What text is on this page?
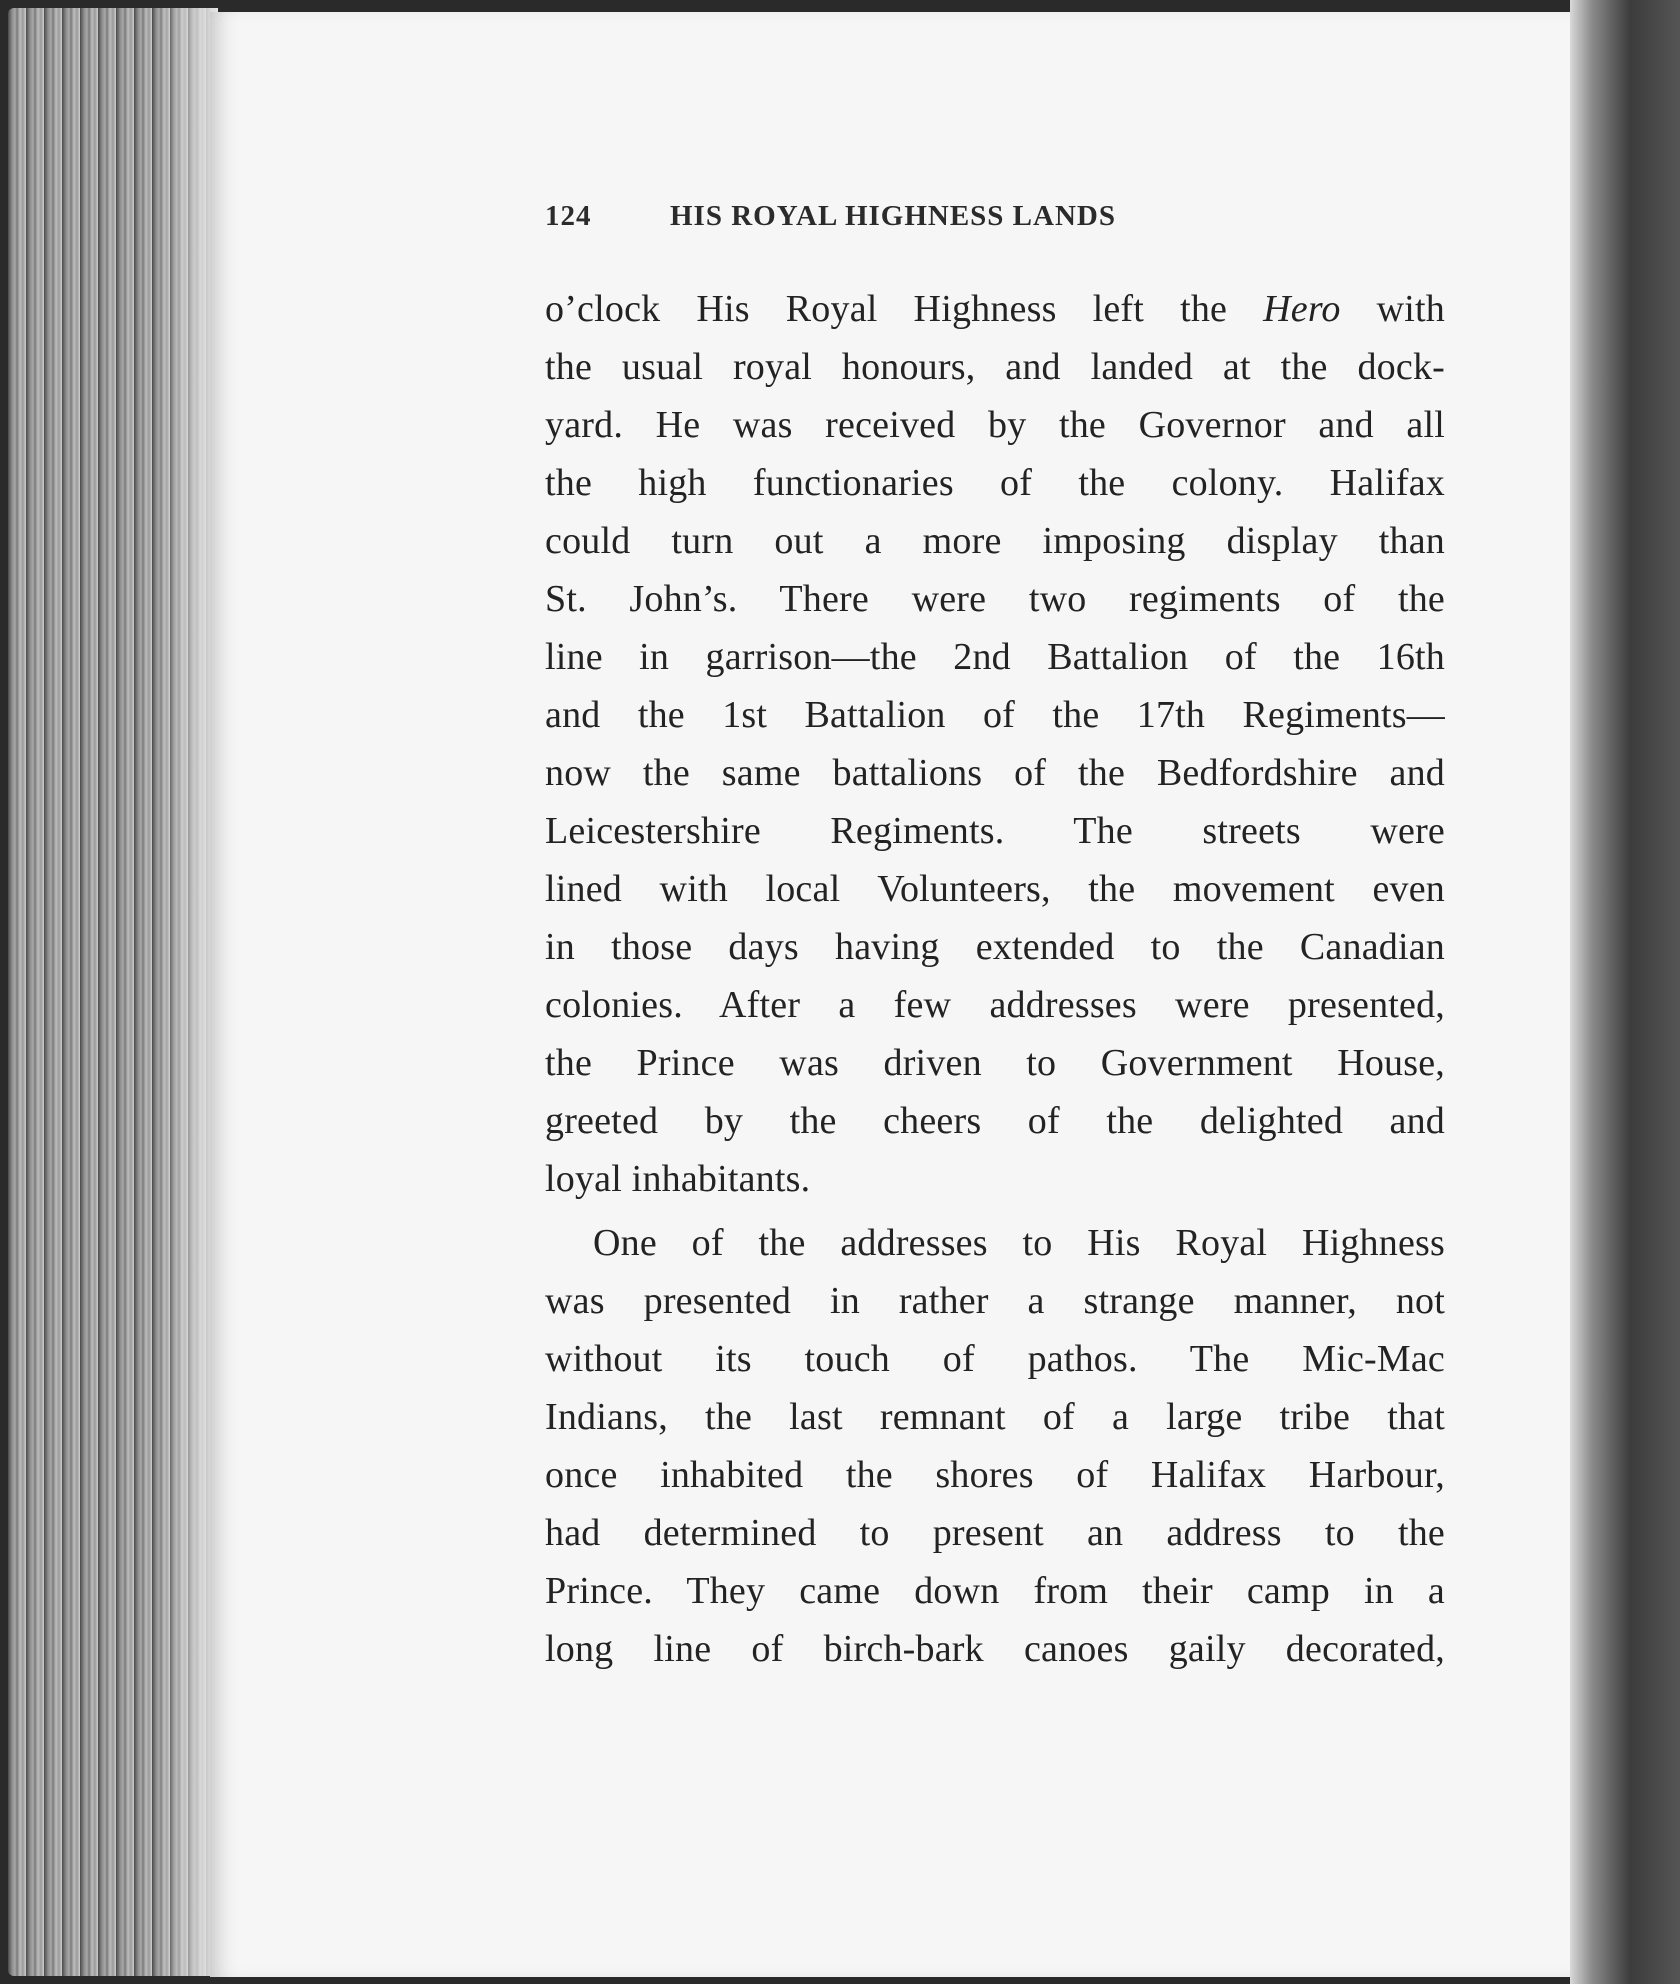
124	HIS ROYAL HIGHNESS LANDS

o’clock His Royal Highness left the Hero with
the usual royal honours, and landed at the dock-
yard. He was received by the Governor and all
the high functionaries of the colony. Halifax
could turn out a more imposing display than
St. John’s. There were two regiments of the
line in garrison—the 2nd Battalion of the 16th
and the 1st Battalion of the 17th Regiments—
now the same battalions of the Bedfordshire and
Leicestershire Regiments. The streets were
lined with local Volunteers, the movement even
in those days having extended to the Canadian
colonies. After a few addresses were presented,
the Prince was driven to Government House,
greeted by the cheers of the delighted and
loyal inhabitants.

One of the addresses to His Royal Highness
was presented in rather a strange manner, not
without its touch of pathos. The Mic-Mac
Indians, the last remnant of a large tribe that
once inhabited the shores of Halifax Harbour,
had determined to present an address to the
Prince. They came down from their camp in a
long line of birch-bark canoes gaily decorated,
